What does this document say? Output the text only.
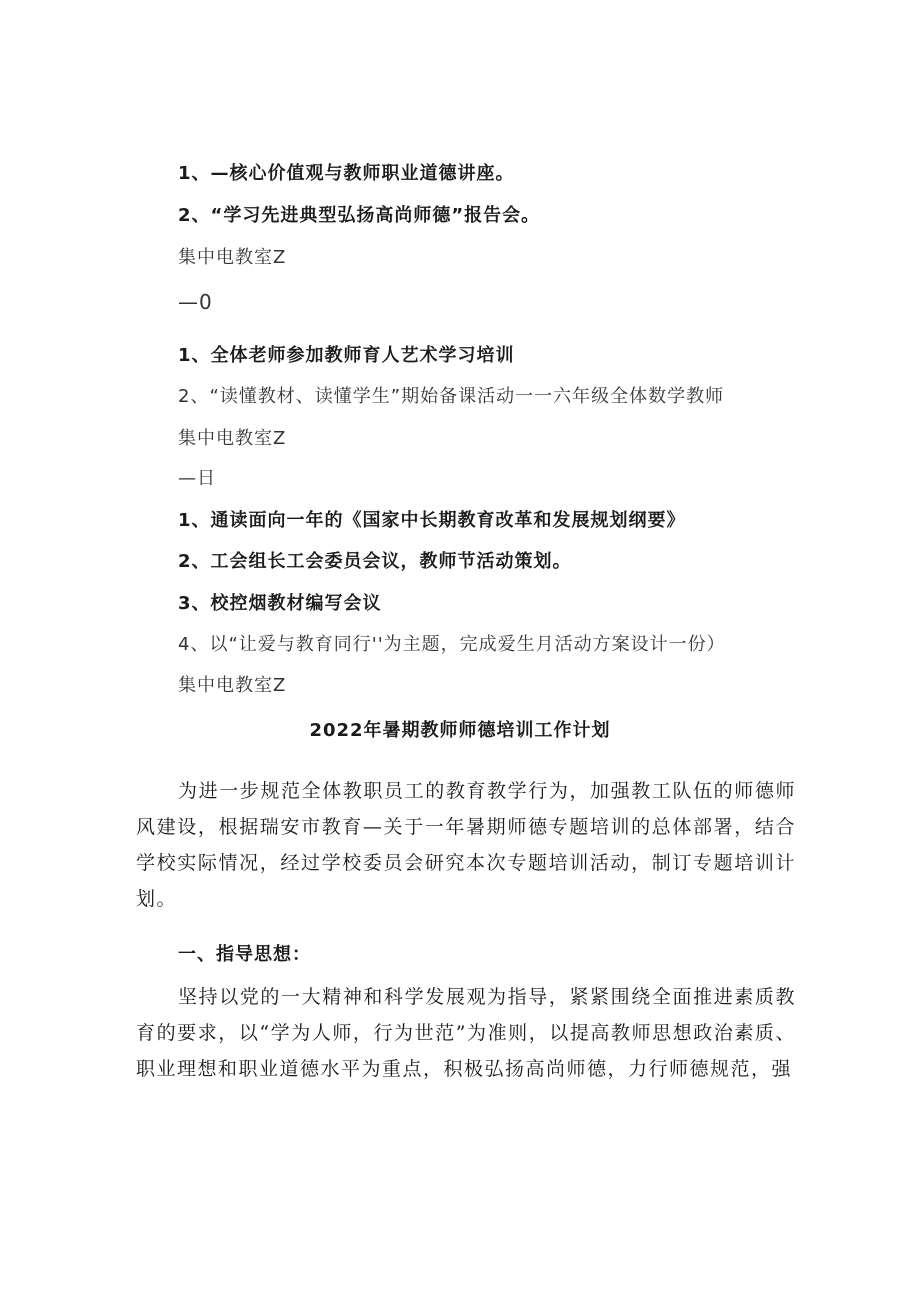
1、—核心价值观与教师职业道德讲座。
2、“学习先进典型弘扬高尚师德”报告会。
集中电教室Z
—0
1、全体老师参加教师育人艺术学习培训
2、“读懂教材、读懂学生”期始备课活动一一六年级全体数学教师
集中电教室Z
—日
1、通读面向一年的《国家中长期教育改革和发展规划纲要》
2、工会组长工会委员会议，教师节活动策划。
3、校控烟教材编写会议
4、以“让爱与教育同行''为主题，完成爱生月活动方案设计一份）
集中电教室Z
2022年暑期教师师德培训工作计划

为进一步规范全体教职员工的教育教学行为，加强教工队伍的师德师风建设，根据瑞安市教育—关于一年暑期师德专题培训的总体部署，结合学校实际情况，经过学校委员会研究本次专题培训活动，制订专题培训计划。

一、指导思想：

坚持以党的一大精神和科学发展观为指导，紧紧围绕全面推进素质教育的要求，以“学为人师，行为世范”为准则，以提高教师思想政治素质、职业理想和职业道德水平为重点，积极弘扬高尚师德，力行师德规范，强
